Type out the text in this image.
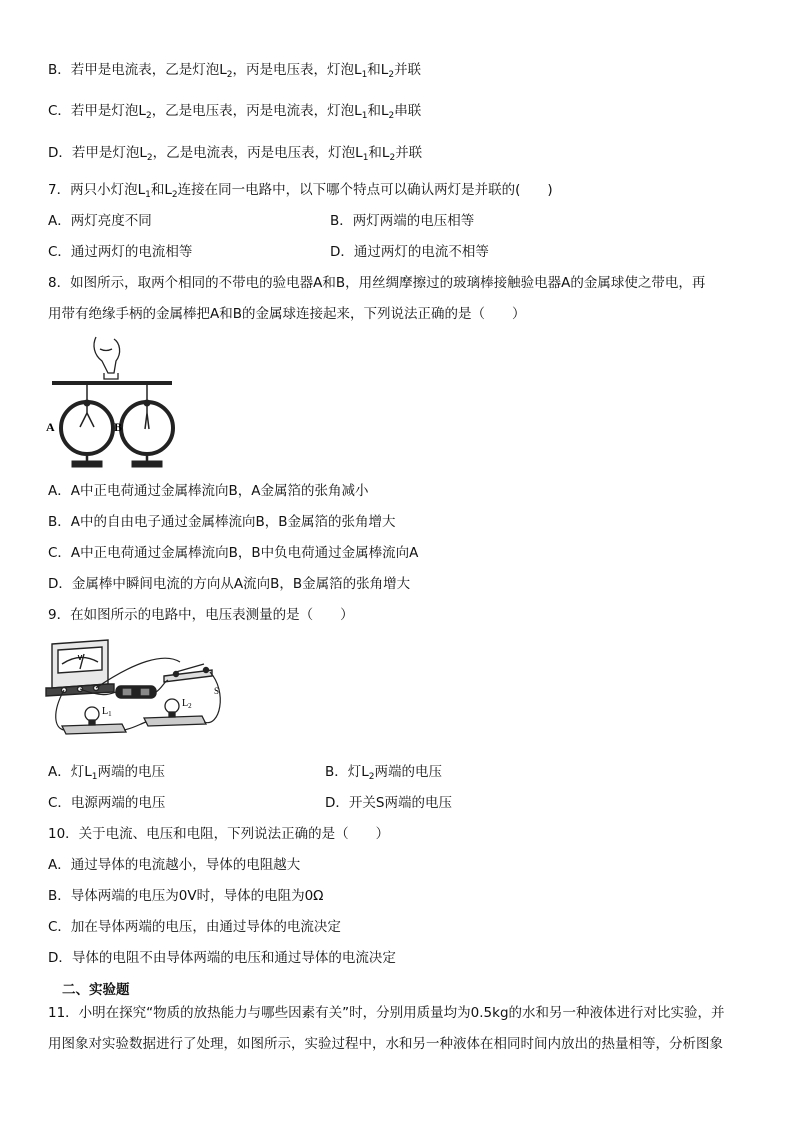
B．若甲是电流表，乙是灯泡$L_2$，丙是电压表，灯泡$L_1$和$L_2$并联
C．若甲是灯泡$L_2$，乙是电压表，丙是电流表，灯泡$L_1$和$L_2$串联
D．若甲是灯泡$L_2$，乙是电流表，丙是电压表，灯泡$L_1$和$L_2$并联
7．两只小灯泡$L_1$和$L_2$连接在同一电路中，以下哪个特点可以确认两灯是并联的(　　)
A．两灯亮度不同	B．两灯两端的电压相等
C．通过两灯的电流相等	D．通过两灯的电流不相等
8．如图所示，取两个相同的不带电的验电器A和B，用丝绸摩擦过的玻璃棒接触验电器A的金属球使之带电，再
用带有绝缘手柄的金属棒把A和B的金属球连接起来，下列说法正确的是（　　）
A	B
A．A中正电荷通过金属棒流向B，A金属箔的张角减小
B．A中的自由电子通过金属棒流向B，B金属箔的张角增大
C．A中正电荷通过金属棒流向B，B中负电荷通过金属棒流向A
D．金属棒中瞬间电流的方向从A流向B，B金属箔的张角增大
9．在如图所示的电路中，电压表测量的是（　　）
V
S
$L_1$
$L_2$
A．灯$L_1$两端的电压	B．灯$L_2$两端的电压
C．电源两端的电压	D．开关S两端的电压
10．关于电流、电压和电阻，下列说法正确的是（　　）
A．通过导体的电流越小，导体的电阻越大
B．导体两端的电压为0V时，导体的电阻为0Ω
C．加在导体两端的电压，由通过导体的电流决定
D．导体的电阻不由导体两端的电压和通过导体的电流决定
二、实验题
11．小明在探究“物质的放热能力与哪些因素有关”时，分别用质量均为0.5kg的水和另一种液体进行对比实验，并
用图象对实验数据进行了处理，如图所示，实验过程中，水和另一种液体在相同时间内放出的热量相等，分析图象
